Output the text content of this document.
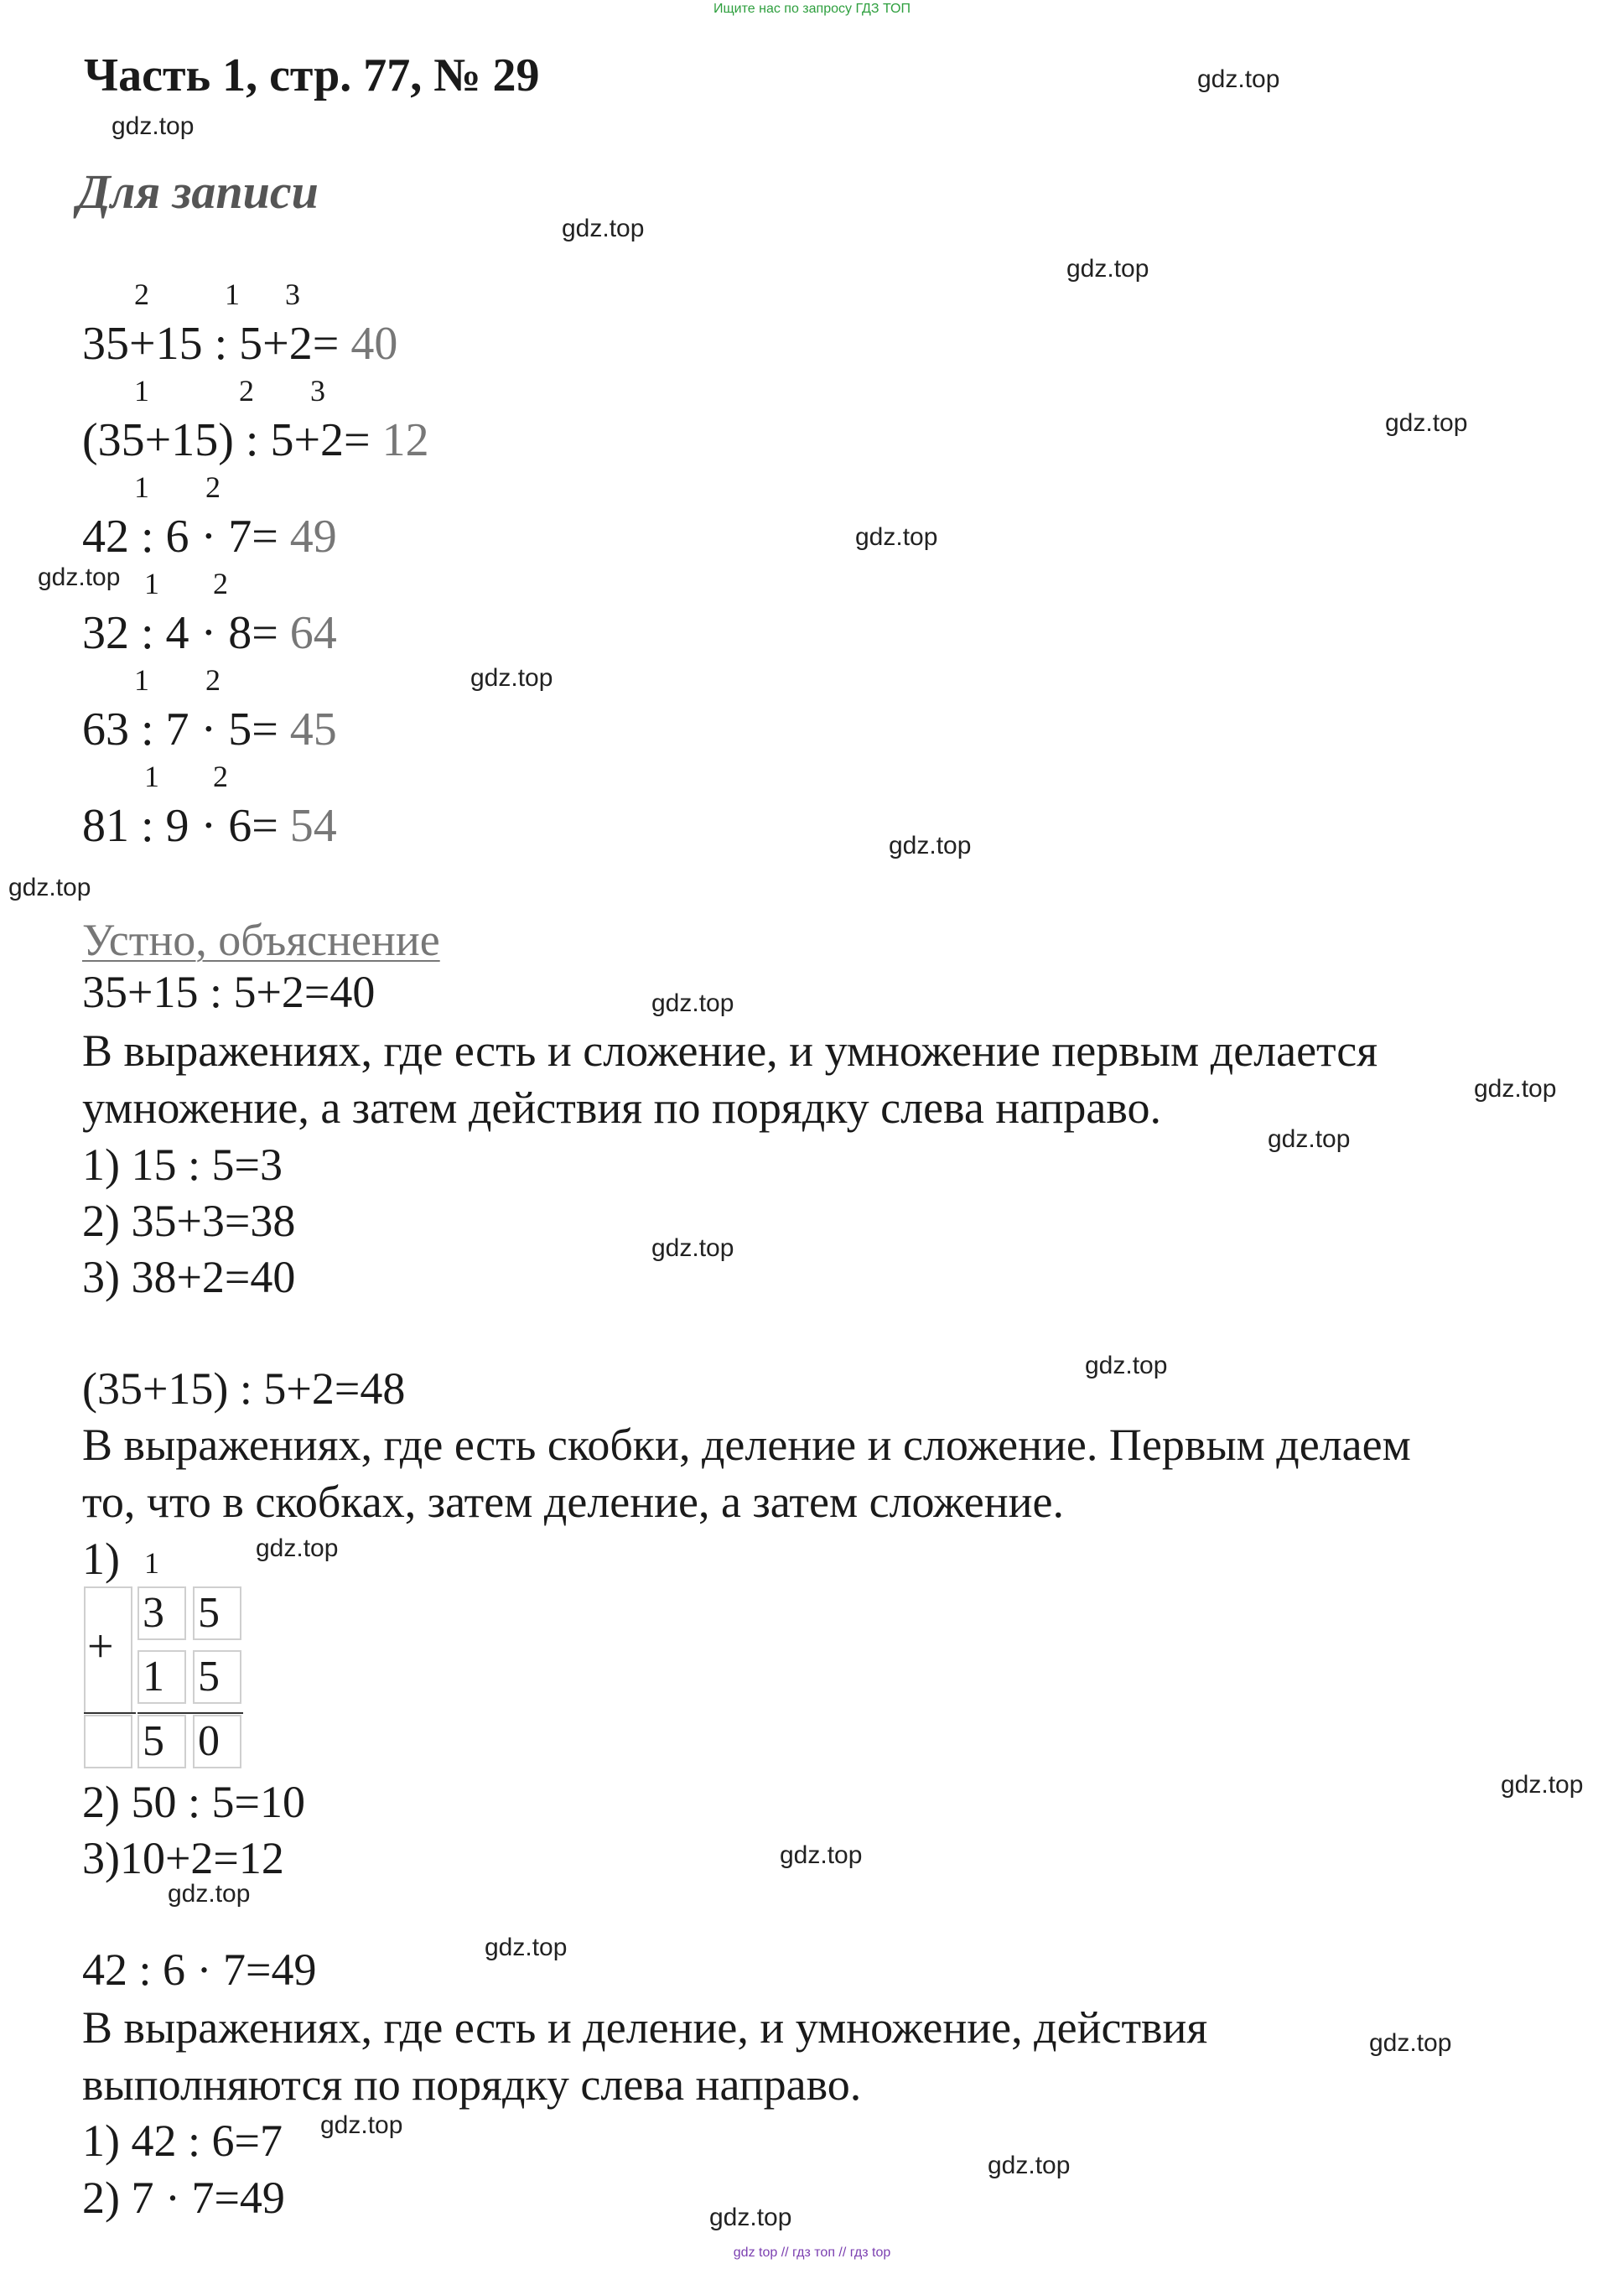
Ищите нас по запросу ГДЗ ТОП
Часть 1, стр. 77, № 29
Для записи
2	1 3
35+15 : 5+2= 40
1	2 3
(35+15) : 5+2= 12
1 2
42 : 6 · 7= 49
1 2
32 : 4 · 8= 64
1 2
63 : 7 · 5= 45
1 2
81 : 9 · 6= 54
Устно, объяснение
35+15 : 5+2=40
В выражениях, где есть и сложение, и умножение первым делается
умножение, а затем действия по порядку слева направо.
1) 15 : 5=3
2) 35+3=38
3) 38+2=40
(35+15) : 5+2=48
В выражениях, где есть скобки, деление и сложение. Первым делаем
то, что в скобках, затем деление, а затем сложение.
1) 1
+
3 5
1 5
5 0
2) 50 : 5=10
3)10+2=12
42 : 6 · 7=49
В выражениях, где есть и деление, и умножение, действия
выполняются по порядку слева направо.
1) 42 : 6=7
2) 7 · 7=49
gdz.top
gdz.top
gdz.top
gdz.top
gdz.top
gdz.top
gdz.top
gdz.top
gdz.top
gdz.top
gdz.top
gdz.top
gdz.top
gdz.top
gdz.top
gdz.top
gdz.top
gdz.top
gdz.top
gdz.top
gdz.top
gdz.top
gdz.top
gdz.top
gdz top // гдз топ // гдз top
